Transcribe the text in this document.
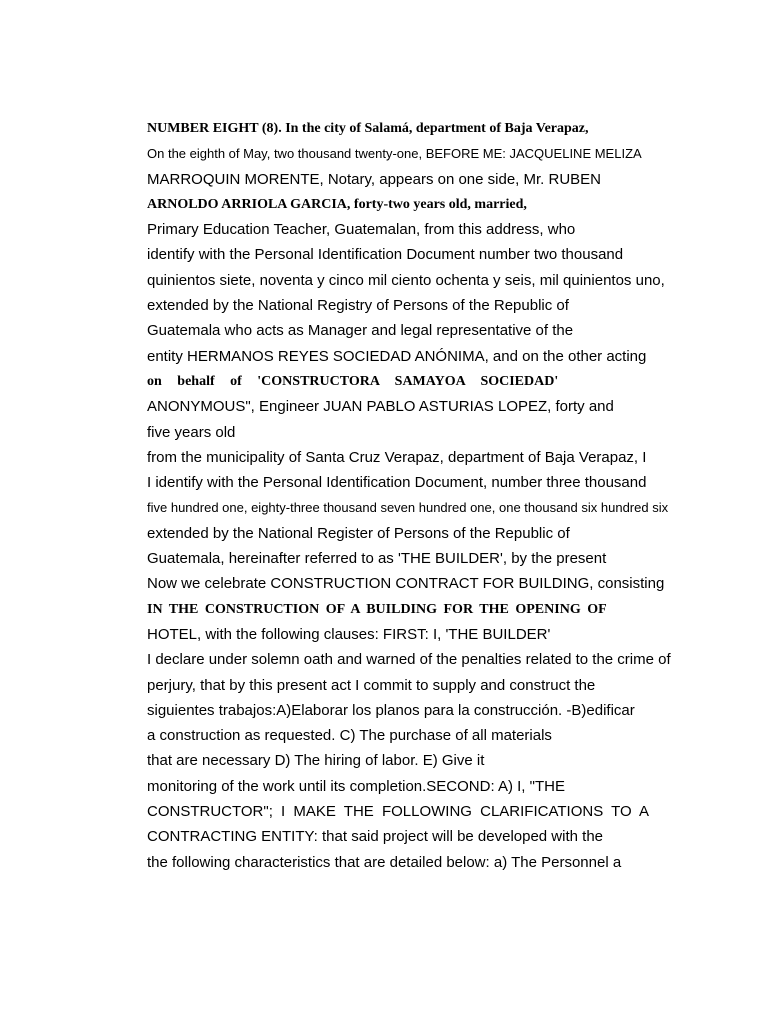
NUMBER EIGHT (8). In the city of Salamá, department of Baja Verapaz,
On the eighth of May, two thousand twenty-one, BEFORE ME: JACQUELINE MELIZA
MARROQUIN MORENTE, Notary, appears on one side, Mr. RUBEN
ARNOLDO ARRIOLA GARCIA, forty-two years old, married,
Primary Education Teacher, Guatemalan, from this address, who
identify with the Personal Identification Document number two thousand
quinientos siete, noventa y cinco mil ciento ochenta y seis, mil quinientos uno,
extended by the National Registry of Persons of the Republic of
Guatemala who acts as Manager and legal representative of the
entity HERMANOS REYES SOCIEDAD ANÓNIMA, and on the other acting
on behalf of 'CONSTRUCTORA SAMAYOA SOCIEDAD'
ANONYMOUS", Engineer JUAN PABLO ASTURIAS LOPEZ, forty and
five years old
from the municipality of Santa Cruz Verapaz, department of Baja Verapaz, I
I identify with the Personal Identification Document, number three thousand
five hundred one, eighty-three thousand seven hundred one, one thousand six hundred six
extended by the National Register of Persons of the Republic of
Guatemala, hereinafter referred to as 'THE BUILDER', by the present
Now we celebrate CONSTRUCTION CONTRACT FOR BUILDING, consisting
IN THE CONSTRUCTION OF A BUILDING FOR THE OPENING OF
HOTEL, with the following clauses: FIRST: I, 'THE BUILDER'
I declare under solemn oath and warned of the penalties related to the crime of
perjury, that by this present act I commit to supply and construct the
siguientes trabajos:A)Elaborar los planos para la construcción. -B)edificar
a construction as requested. C) The purchase of all materials
that are necessary D) The hiring of labor. E) Give it
monitoring of the work until its completion.SECOND: A) I, "THE
CONSTRUCTOR"; I MAKE THE FOLLOWING CLARIFICATIONS TO A
CONTRACTING ENTITY: that said project will be developed with the
the following characteristics that are detailed below: a) The Personnel a
